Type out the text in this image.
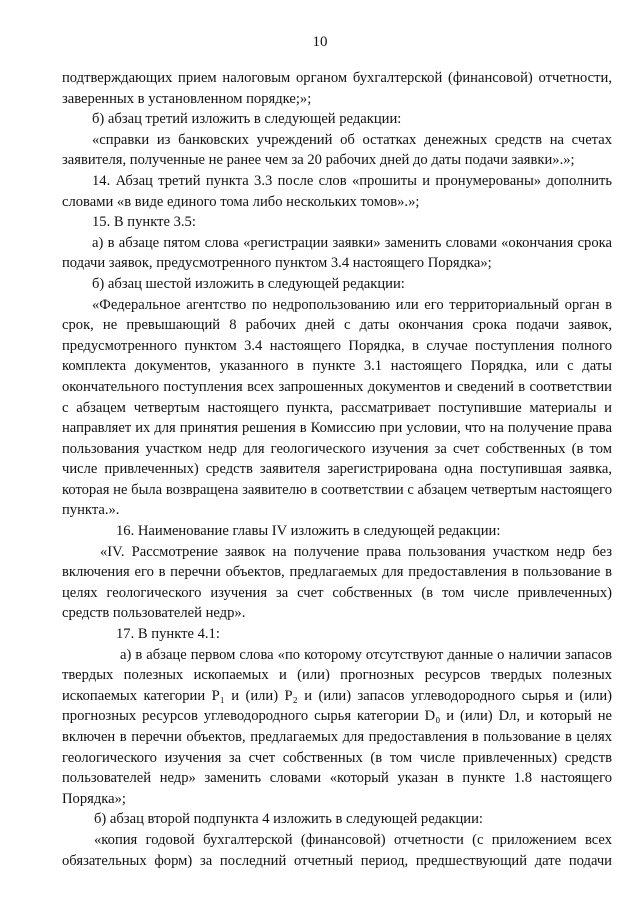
10

подтверждающих прием налоговым органом бухгалтерской (финансовой) отчетности, заверенных в установленном порядке;»;

б) абзац третий изложить в следующей редакции:

«справки из банковских учреждений об остатках денежных средств на счетах заявителя, полученные не ранее чем за 20 рабочих дней до даты подачи заявки».»;

14. Абзац третий пункта 3.3 после слов «прошиты и пронумерованы» дополнить словами «в виде единого тома либо нескольких томов».»;

15. В пункте 3.5:

а) в абзаце пятом слова «регистрации заявки» заменить словами «окончания срока подачи заявок, предусмотренного пунктом 3.4 настоящего Порядка»;

б) абзац шестой изложить в следующей редакции:

«Федеральное агентство по недропользованию или его территориальный орган в срок, не превышающий 8 рабочих дней с даты окончания срока подачи заявок, предусмотренного пунктом 3.4 настоящего Порядка, в случае поступления полного комплекта документов, указанного в пункте 3.1 настоящего Порядка, или с даты окончательного поступления всех запрошенных документов и сведений в соответствии с абзацем четвертым настоящего пункта, рассматривает поступившие материалы и направляет их для принятия решения в Комиссию при условии, что на получение права пользования участком недр для геологического изучения за счет собственных (в том числе привлеченных) средств заявителя зарегистрирована одна поступившая заявка, которая не была возвращена заявителю в соответствии с абзацем четвертым настоящего пункта.».

16. Наименование главы IV изложить в следующей редакции:

«IV. Рассмотрение заявок на получение права пользования участком недр без включения его в перечни объектов, предлагаемых для предоставления в пользование в целях геологического изучения за счет собственных (в том числе привлеченных) средств пользователей недр».

17. В пункте 4.1:

а) в абзаце первом слова «по которому отсутствуют данные о наличии запасов твердых полезных ископаемых и (или) прогнозных ресурсов твердых полезных ископаемых категории P₁ и (или) P₂ и (или) запасов углеводородного сырья и (или) прогнозных ресурсов углеводородного сырья категории D₀ и (или) Dл, и который не включен в перечни объектов, предлагаемых для предоставления в пользование в целях геологического изучения за счет собственных (в том числе привлеченных) средств пользователей недр» заменить словами «который указан в пункте 1.8 настоящего Порядка»;

б) абзац второй подпункта 4 изложить в следующей редакции:

«копия годовой бухгалтерской (финансовой) отчетности (с приложением всех обязательных форм) за последний отчетный период, предшествующий дате подачи
